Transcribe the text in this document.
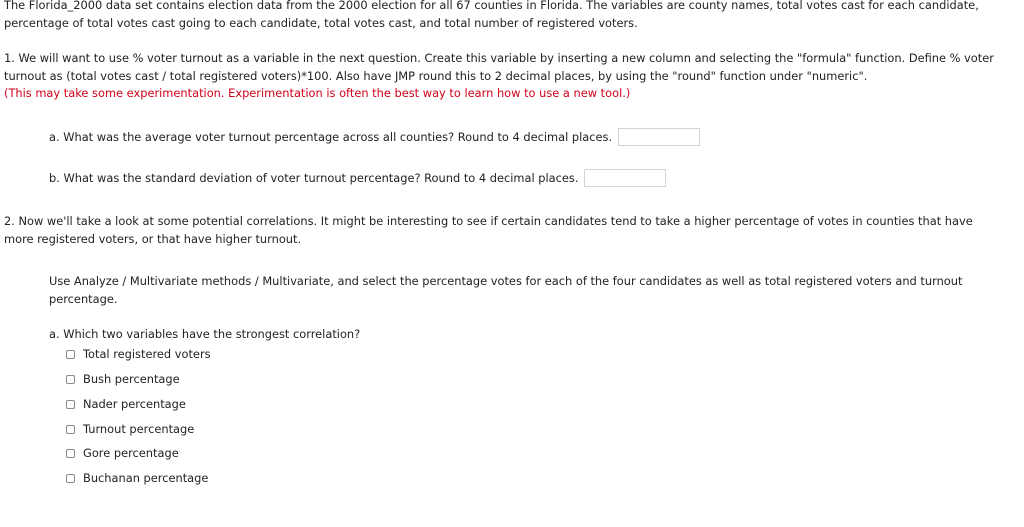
The Florida_2000 data set contains election data from the 2000 election for all 67 counties in Florida. The variables are county names, total votes cast for each candidate, percentage of total votes cast going to each candidate, total votes cast, and total number of registered voters.

1. We will want to use % voter turnout as a variable in the next question. Create this variable by inserting a new column and selecting the "formula" function. Define % voter turnout as (total votes cast / total registered voters)*100. Also have JMP round this to 2 decimal places, by using the "round" function under "numeric".
(This may take some experimentation. Experimentation is often the best way to learn how to use a new tool.)
a. What was the average voter turnout percentage across all counties? Round to 4 decimal places.
b. What was the standard deviation of voter turnout percentage? Round to 4 decimal places.

2. Now we'll take a look at some potential correlations. It might be interesting to see if certain candidates tend to take a higher percentage of votes in counties that have more registered voters, or that have higher turnout.

Use Analyze / Multivariate methods / Multivariate, and select the percentage votes for each of the four candidates as well as total registered voters and turnout percentage.

a. Which two variables have the strongest correlation?

Total registered voters
Bush percentage
Nader percentage
Turnout percentage
Gore percentage
Buchanan percentage
